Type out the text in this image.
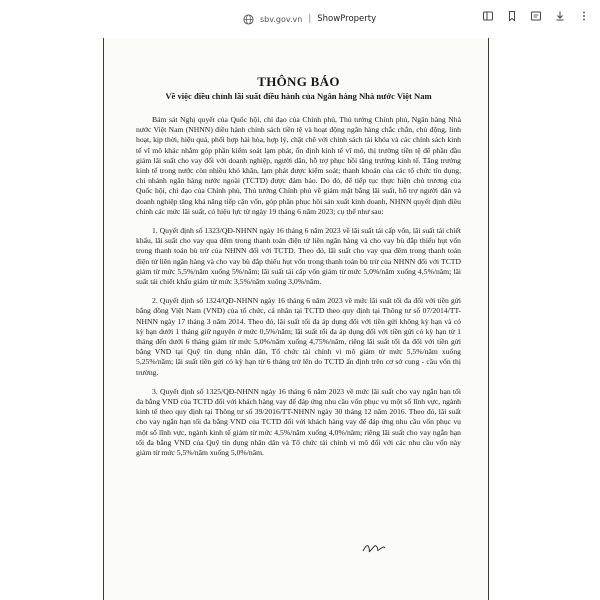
sbv.gov.vn | ShowProperty
THÔNG BÁO
Về việc điều chỉnh lãi suất điều hành của Ngân hàng Nhà nước Việt Nam

Bám sát Nghị quyết của Quốc hội, chỉ đạo của Chính phủ, Thủ tướng Chính phủ, Ngân hàng Nhà nước Việt Nam (NHNN) điều hành chính sách tiền tệ và hoạt động ngân hàng chắc chắn, chủ động, linh hoạt, kịp thời, hiệu quả, phối hợp hài hòa, hợp lý, chặt chẽ với chính sách tài khóa và các chính sách kinh tế vĩ mô khác nhằm góp phần kiểm soát lạm phát, ổn định kinh tế vĩ mô, thị trường tiền tệ để phần đầu giảm lãi suất cho vay đối với doanh nghiệp, người dân, hỗ trợ phục hồi tăng trưởng kinh tế. Tăng trưởng kinh tế trong nước còn nhiều khó khăn, lạm phát được kiểm soát; thanh khoản của các tổ chức tín dụng, chi nhánh ngân hàng nước ngoài (TCTD) được đảm bảo. Do đó, để tiếp tục thực hiện chủ trương của Quốc hội, chỉ đạo của Chính phủ, Thủ tướng Chính phủ về giảm mặt bằng lãi suất, hỗ trợ người dân và doanh nghiệp tăng khả năng tiếp cận vốn, góp phần phục hồi sản xuất kinh doanh, NHNN quyết định điều chỉnh các mức lãi suất, có hiệu lực từ ngày 19 tháng 6 năm 2023; cụ thể như sau:

1. Quyết định số 1323/QĐ-NHNN ngày 16 tháng 6 năm 2023 về lãi suất tái cấp vốn, lãi suất tái chiết khấu, lãi suất cho vay qua đêm trong thanh toán điện tử liên ngân hàng và cho vay bù đắp thiếu hụt vốn trong thanh toán bù trừ của NHNN đối với TCTD. Theo đó, lãi suất cho vay qua đêm trong thanh toán điện tử liên ngân hàng và cho vay bù đắp thiếu hụt vốn trong thanh toán bù trừ của NHNN đối với TCTD giảm từ mức 5,5%/năm xuống 5%/năm; lãi suất tái cấp vốn giảm từ mức 5,0%/năm xuống 4,5%/năm; lãi suất tái chiết khấu giảm từ mức 3,5%/năm xuống 3,0%/năm.

2. Quyết định số 1324/QĐ-NHNN ngày 16 tháng 6 năm 2023 về mức lãi suất tối đa đối với tiền gửi bằng đồng Việt Nam (VND) của tổ chức, cá nhân tại TCTD theo quy định tại Thông tư số 07/2014/TT-NHNN ngày 17 tháng 3 năm 2014. Theo đó, lãi suất tối đa áp dụng đối với tiền gửi không kỳ hạn và có kỳ hạn dưới 1 tháng giữ nguyên ở mức 0,5%/năm; lãi suất tối đa áp dụng đối với tiền gửi có kỳ hạn từ 1 tháng đến dưới 6 tháng giảm từ mức 5,0%/năm xuống 4,75%/năm, riêng lãi suất tối đa đối với tiền gửi bằng VND tại Quỹ tín dụng nhân dân, Tổ chức tài chính vi mô giảm từ mức 5,5%/năm xuống 5,25%/năm; lãi suất tiền gửi có kỳ hạn từ 6 tháng trở lên do TCTD ấn định trên cơ sở cung - cầu vốn thị trường.

3. Quyết định số 1325/QĐ-NHNN ngày 16 tháng 6 năm 2023 về mức lãi suất cho vay ngắn hạn tối đa bằng VND của TCTD đối với khách hàng vay để đáp ứng nhu cầu vốn phục vụ một số lĩnh vực, ngành kinh tế theo quy định tại Thông tư số 39/2016/TT-NHNN ngày 30 tháng 12 năm 2016. Theo đó, lãi suất cho vay ngắn hạn tối đa bằng VND của TCTD đối với khách hàng vay để đáp ứng nhu cầu vốn phục vụ một số lĩnh vực, ngành kinh tế giảm từ mức 4,5%/năm xuống 4,0%/năm; riêng lãi suất cho vay ngắn hạn tối đa bằng VND của Quỹ tín dụng nhân dân và Tổ chức tài chính vi mô đối với các nhu cầu vốn này giảm từ mức 5,5%/năm xuống 5,0%/năm.
